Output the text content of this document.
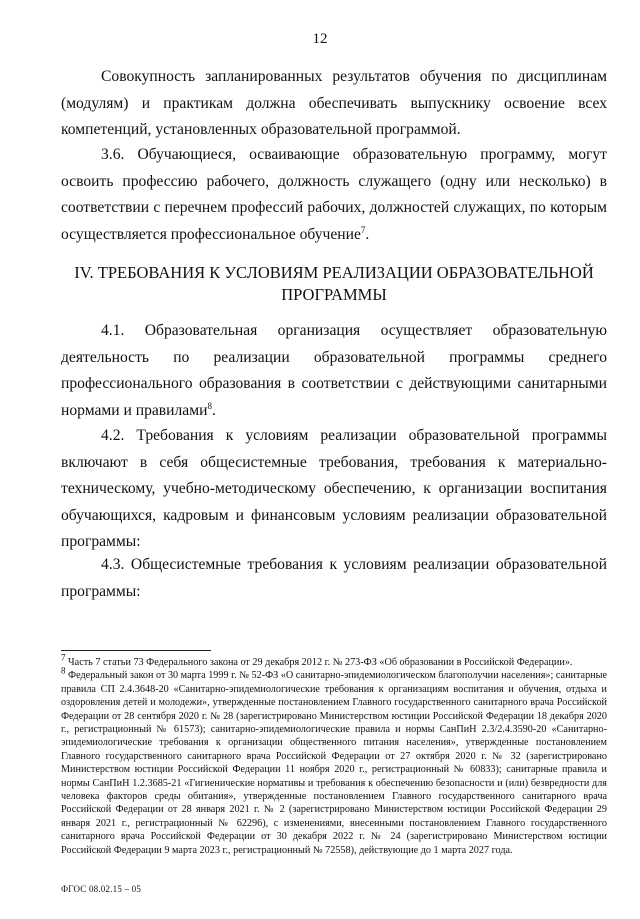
12

Совокупность запланированных результатов обучения по дисциплинам (модулям) и практикам должна обеспечивать выпускнику освоение всех компетенций, установленных образовательной программой.

3.6. Обучающиеся, осваивающие образовательную программу, могут освоить профессию рабочего, должность служащего (одну или несколько) в соответствии с перечнем профессий рабочих, должностей служащих, по которым осуществляется профессиональное обучение$^7$.

IV. ТРЕБОВАНИЯ К УСЛОВИЯМ РЕАЛИЗАЦИИ ОБРАЗОВАТЕЛЬНОЙ
ПРОГРАММЫ

4.1. Образовательная организация осуществляет образовательную деятельность по реализации образовательной программы среднего профессионального образования в соответствии с действующими санитарными нормами и правилами$^8$.

4.2. Требования к условиям реализации образовательной программы включают в себя общесистемные требования, требования к материально-техническому, учебно-методическому обеспечению, к организации воспитания обучающихся, кадровым и финансовым условиям реализации образовательной программы:

4.3. Общесистемные требования к условиям реализации образовательной программы:

$^7$ Часть 7 статьи 73 Федерального закона от 29 декабря 2012 г. № 273-ФЗ «Об образовании в Российской Федерации».

$^8$ Федеральный закон от 30 марта 1999 г. № 52-ФЗ «О санитарно-эпидемиологическом благополучии населения»; санитарные правила СП 2.4.3648-20 «Санитарно-эпидемиологические требования к организациям воспитания и обучения, отдыха и оздоровления детей и молодежи», утвержденные постановлением Главного государственного санитарного врача Российской Федерации от 28 сентября 2020 г. № 28 (зарегистрировано Министерством юстиции Российской Федерации 18 декабря 2020 г., регистрационный № 61573); санитарно-эпидемиологические правила и нормы СанПиН 2.3/2.4.3590-20 «Санитарно-эпидемиологические требования к организации общественного питания населения», утвержденные постановлением Главного государственного санитарного врача Российской Федерации от 27 октября 2020 г. № 32 (зарегистрировано Министерством юстиции Российской Федерации 11 ноября 2020 г., регистрационный № 60833); санитарные правила и нормы СанПиН 1.2.3685-21 «Гигиенические нормативы и требования к обеспечению безопасности и (или) безвредности для человека факторов среды обитания», утвержденные постановлением Главного государственного санитарного врача Российской Федерации от 28 января 2021 г. № 2 (зарегистрировано Министерством юстиции Российской Федерации 29 января 2021 г., регистрационный № 62296), с изменениями, внесенными постановлением Главного государственного санитарного врача Российской Федерации от 30 декабря 2022 г. № 24 (зарегистрировано Министерством юстиции Российской Федерации 9 марта 2023 г., регистрационный № 72558), действующие до 1 марта 2027 года.

ФГОС 08.02.15 – 05
